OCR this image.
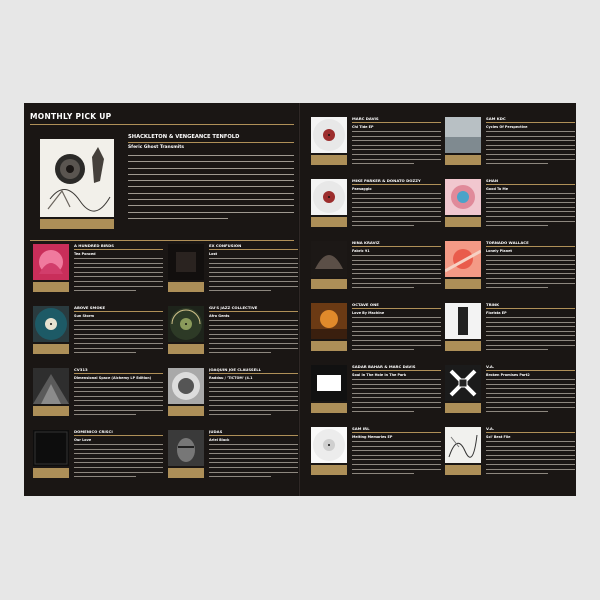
MONTHLY PICK UP
SHACKLETON & VENGEANCE TENFOLD
Sferic Ghost Transmits
A HUNDRED BIRDS
Tea Ponced
EX CONFUSION
Lost
ABOVE SMOKE
Sun Storm
GU'S JAZZ COLLECTIVE
Afro Gents
CV313
Dimensional Space (Alchemy LP Edition)
JOAQUIN JOE CLAUSSELL
Raddau / 'TICTOM' (4.1
DOMENICO CRISCI
Our Love
JUDAS
Ariel Black
MARC DAVIS
Chi Tide EP
SAM KDC
Cycles Of Perspective
MIKE PARKER & DONATO DOZZY
Paesaggio
SHAN
Good To Me
NINA KRAVIZ
Fabric 91
TORNADO WALLACE
Lonely Planet
OCTAVE ONE
Love By Machine
TRINK
Florista EP
SADAR BAHAR & MARC DAVIS
Soul In The Hole In The Park
V.A.
Broken Promises Part2
SAM IRL
Melting Memories EP
V.A.
Sci' Best File
